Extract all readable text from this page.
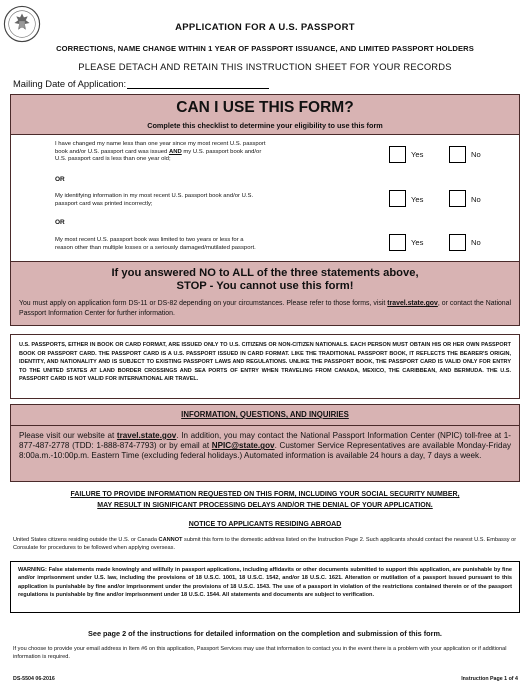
APPLICATION FOR A U.S. PASSPORT
CORRECTIONS, NAME CHANGE WITHIN 1 YEAR OF PASSPORT ISSUANCE, AND LIMITED PASSPORT HOLDERS
PLEASE DETACH AND RETAIN THIS INSTRUCTION SHEET FOR YOUR RECORDS
Mailing Date of Application:
CAN I USE THIS FORM?
Complete this checklist to determine your eligibility to use this form
I have changed my name less than one year since my most recent U.S. passport
book and/or U.S. passport card was issued AND my U.S. passport book and/or
U.S. passport card is less than one year old;
Yes	No
OR
My identifying information in my most recent U.S. passport book and/or U.S.
passport card was printed incorrectly;	Yes	No
OR
My most recent U.S. passport book was limited to two years or less for a
reason other than multiple losses or a seriously damaged/mutilated passport.
Yes	No
If you answered NO to ALL of the three statements above,
STOP - You cannot use this form!
You must apply on application form DS-11 or DS-82 depending on your circumstances. Please refer to those forms, visit travel.state.gov, or contact the National Passport Information Center for further information.
U.S. PASSPORTS, EITHER IN BOOK OR CARD FORMAT, ARE ISSUED ONLY TO U.S. CITIZENS OR NON-CITIZEN NATIONALS. EACH PERSON MUST OBTAIN HIS OR HER OWN PASSPORT BOOK OR PASSPORT CARD. THE PASSPORT CARD IS A U.S. PASSPORT ISSUED IN CARD FORMAT. LIKE THE TRADITIONAL PASSPORT BOOK, IT REFLECTS THE BEARER'S ORIGIN, IDENTITY, AND NATIONALITY AND IS SUBJECT TO EXISTING PASSPORT LAWS AND REGULATIONS. UNLIKE THE PASSPORT BOOK, THE PASSPORT CARD IS VALID ONLY FOR ENTRY TO THE UNITED STATES AT LAND BORDER CROSSINGS AND SEA PORTS OF ENTRY WHEN TRAVELING FROM CANADA, MEXICO, THE CARIBBEAN, AND BERMUDA. THE U.S. PASSPORT CARD IS NOT VALID FOR INTERNATIONAL AIR TRAVEL.
INFORMATION, QUESTIONS, AND INQUIRIES
Please visit our website at travel.state.gov. In addition, you may contact the National Passport Information Center (NPIC) toll-free at 1-877-487-2778 (TDD: 1-888-874-7793) or by email at NPIC@state.gov. Customer Service Representatives are available Monday-Friday 8:00a.m.-10:00p.m. Eastern Time (excluding federal holidays.) Automated information is available 24 hours a day, 7 days a week.
FAILURE TO PROVIDE INFORMATION REQUESTED ON THIS FORM, INCLUDING YOUR SOCIAL SECURITY NUMBER,
MAY RESULT IN SIGNIFICANT PROCESSING DELAYS AND/OR THE DENIAL OF YOUR APPLICATION.
NOTICE TO APPLICANTS RESIDING ABROAD
United States citizens residing outside the U.S. or Canada CANNOT submit this form to the domestic address listed on the Instruction Page 2. Such applicants should contact the nearest U.S. Embassy or Consulate for procedures to be followed when applying overseas.
WARNING: False statements made knowingly and willfully in passport applications, including affidavits or other documents submitted to support this application, are punishable by fine and/or imprisonment under U.S. law, including the provisions of 18 U.S.C. 1001, 18 U.S.C. 1542, and/or 18 U.S.C. 1621. Alteration or mutilation of a passport issued pursuant to this application is punishable by fine and/or imprisonment under the provisions of 18 U.S.C. 1543. The use of a passport in violation of the restrictions contained therein or of the passport regulations is punishable by fine and/or imprisonment under 18 U.S.C. 1544. All statements and documents are subject to verification.
See page 2 of the instructions for detailed information on the completion and submission of this form.
If you choose to provide your email address in Item #6 on this application, Passport Services may use that information to contact you in the event there is a problem with your application or if additional information is required.
DS-5504 06-2016	Instruction Page 1 of 4
